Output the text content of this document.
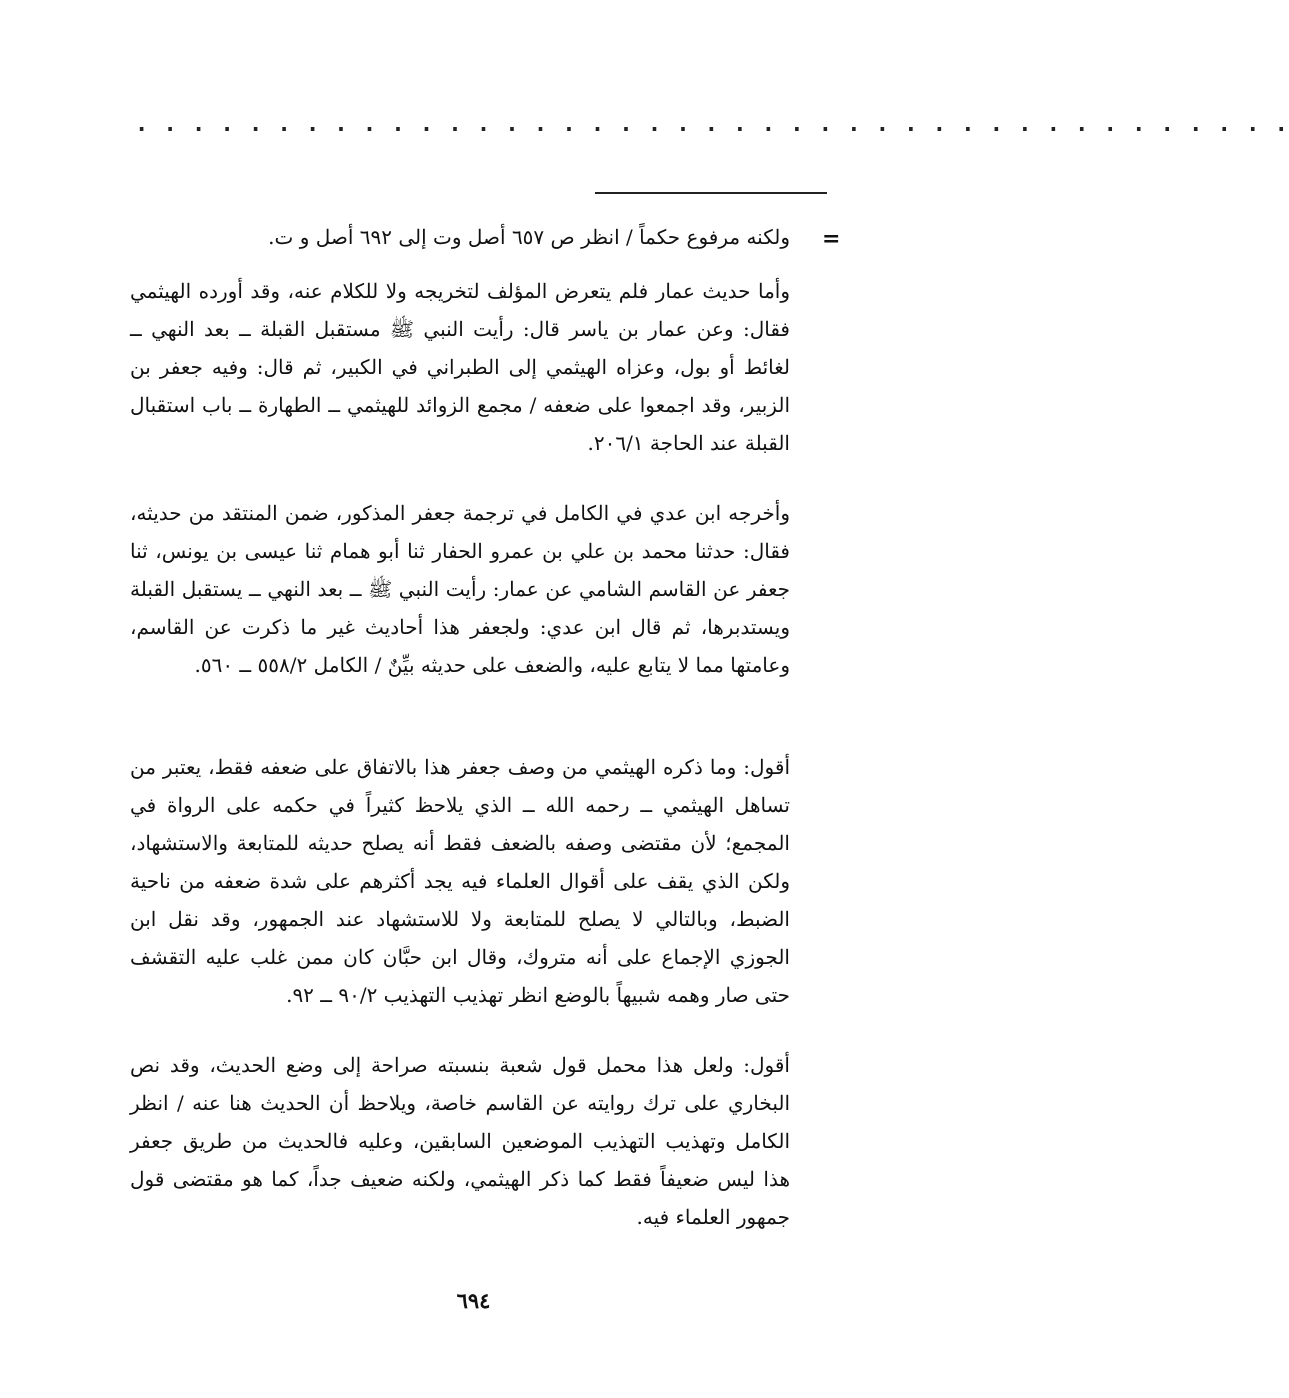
. . . . . . . . . . . . . . . . . . . . . . . . . . . . . . . . . . . . . . . . .
=
ولكنه مرفوع حكماً / انظر ص ٦٥٧ أصل وت إلى ٦٩٢ أصل و ت.
وأما حديث عمار فلم يتعرض المؤلف لتخريجه ولا للكلام عنه، وقد أورده الهيثمي فقال: وعن عمار بن ياسر قال: رأيت النبي ﷺ مستقبل القبلة ــ بعد النهي ــ لغائط أو بول، وعزاه الهيثمي إلى الطبراني في الكبير، ثم قال: وفيه جعفر بن الزبير، وقد اجمعوا على ضعفه / مجمع الزوائد للهيثمي ــ الطهارة ــ باب استقبال القبلة عند الحاجة ٢٠٦/١.
وأخرجه ابن عدي في الكامل في ترجمة جعفر المذكور، ضمن المنتقد من حديثه، فقال: حدثنا محمد بن علي بن عمرو الحفار ثنا أبو همام ثنا عيسى بن يونس، ثنا جعفر عن القاسم الشامي عن عمار: رأيت النبي ﷺ ــ بعد النهي ــ يستقبل القبلة ويستدبرها، ثم قال ابن عدي: ولجعفر هذا أحاديث غير ما ذكرت عن القاسم، وعامتها مما لا يتابع عليه، والضعف على حديثه بيِّنٌ / الكامل ٥٥٨/٢ ــ ٥٦٠.
أقول: وما ذكره الهيثمي من وصف جعفر هذا بالاتفاق على ضعفه فقط، يعتبر من تساهل الهيثمي ــ رحمه الله ــ الذي يلاحظ كثيراً في حكمه على الرواة في المجمع؛ لأن مقتضى وصفه بالضعف فقط أنه يصلح حديثه للمتابعة والاستشهاد، ولكن الذي يقف على أقوال العلماء فيه يجد أكثرهم على شدة ضعفه من ناحية الضبط، وبالتالي لا يصلح للمتابعة ولا للاستشهاد عند الجمهور، وقد نقل ابن الجوزي الإجماع على أنه متروك، وقال ابن حبَّان كان ممن غلب عليه التقشف حتى صار وهمه شبيهاً بالوضع انظر تهذيب التهذيب ٩٠/٢ ــ ٩٢.
أقول: ولعل هذا محمل قول شعبة بنسبته صراحة إلى وضع الحديث، وقد نص البخاري على ترك روايته عن القاسم خاصة، ويلاحظ أن الحديث هنا عنه / انظر الكامل وتهذيب التهذيب الموضعين السابقين، وعليه فالحديث من طريق جعفر هذا ليس ضعيفاً فقط كما ذكر الهيثمي، ولكنه ضعيف جداً، كما هو مقتضى قول جمهور العلماء فيه.
٦٩٤
